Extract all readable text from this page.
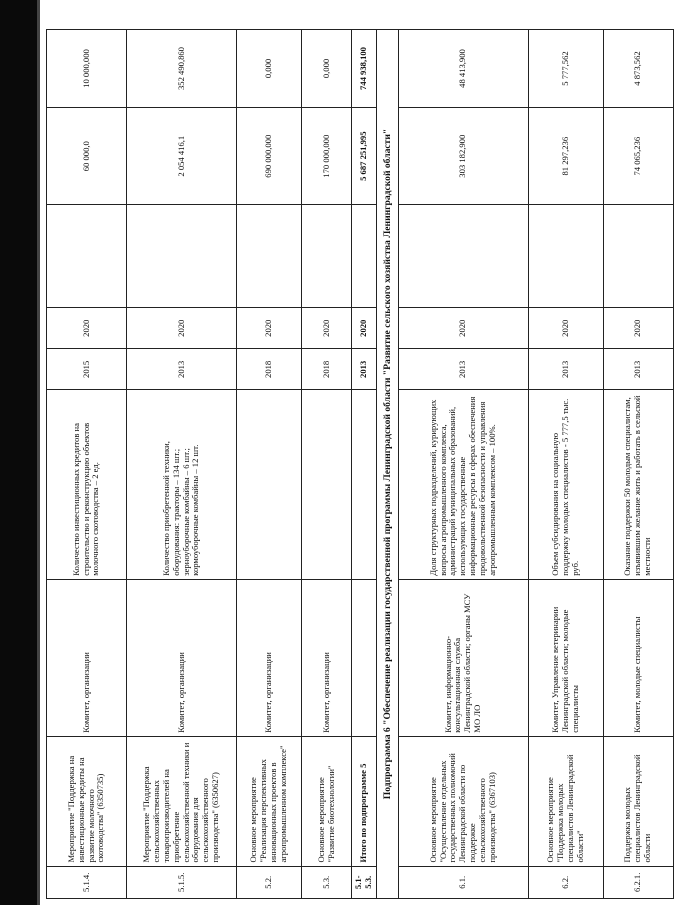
5.1.4.	Мероприятие "Поддержка на инвестиционные кредиты на развитие молочного скотоводства" (6350735)	Комитет, организации	Количество инвестиционных кредитов на строительство и реконструкцию объектов молочного скотоводства – 2 ед.	2015	2020		60 000,0	10 000,000
5.1.5.	Мероприятие "Поддержка сельскохозяйственных товаропроизводителей на приобретение сельскохозяйственной техники и оборудования для сельскохозяйственного производства" (6350627)	Комитет, организации	Количество приобретенной техники, оборудования: тракторы – 134 шт.; зерноуборочные комбайны – 6 шт.; кормоуборочные комбайны – 12 шт.	2013	2020		2 054 416,1	352 490,860
5.2.	Основное мероприятие "Реализация перспективных инновационных проектов в агропромышленном комплексе"	Комитет, организации		2018	2020		690 000,000	0,000
5.3.	Основное мероприятие "Развитие биотехнологии"	Комитет, организации		2018	2020		170 000,000	0,000
5.1-5.3.	Итого по подпрограмме 5			2013	2020		5 687 251,995	744 938,100
Подпрограмма 6 "Обеспечение реализации государственной программы Ленинградской области "Развитие сельского хозяйства Ленинградской области"								
6.1.	Основное мероприятие "Осуществление отдельных государственных полномочий Ленинградской области по поддержке сельскохозяйственного производства" (6367103)	Комитет, информационно-консультационная служба Ленинградской области; органы МСУ МО ЛО	Доля структурных подразделений, курирующих вопросы агропромышленного комплекса, администраций муниципальных образований, использующих государственные информационные ресурсы в сферах обеспечения продовольственной безопасности и управления агропромышленным комплексом – 100%.	2013	2020		303 182,900	48 413,900
6.2.	Основное мероприятие "Поддержка молодых специалистов Ленинградской области"	Комитет, Управление ветеринарии Ленинградской области; молодые специалисты	Объем субсидирования на социальную поддержку молодых специалистов - 5 777,5 тыс. руб.	2013	2020		81 297,236	5 777,562
6.2.1.	Поддержка молодых специалистов Ленинградской области	Комитет, молодые специалисты	Оказание поддержки 50 молодым специалистам, изъявившим желание жить и работать в сельской местности	2013	2020		74 065,236	4 873,562
